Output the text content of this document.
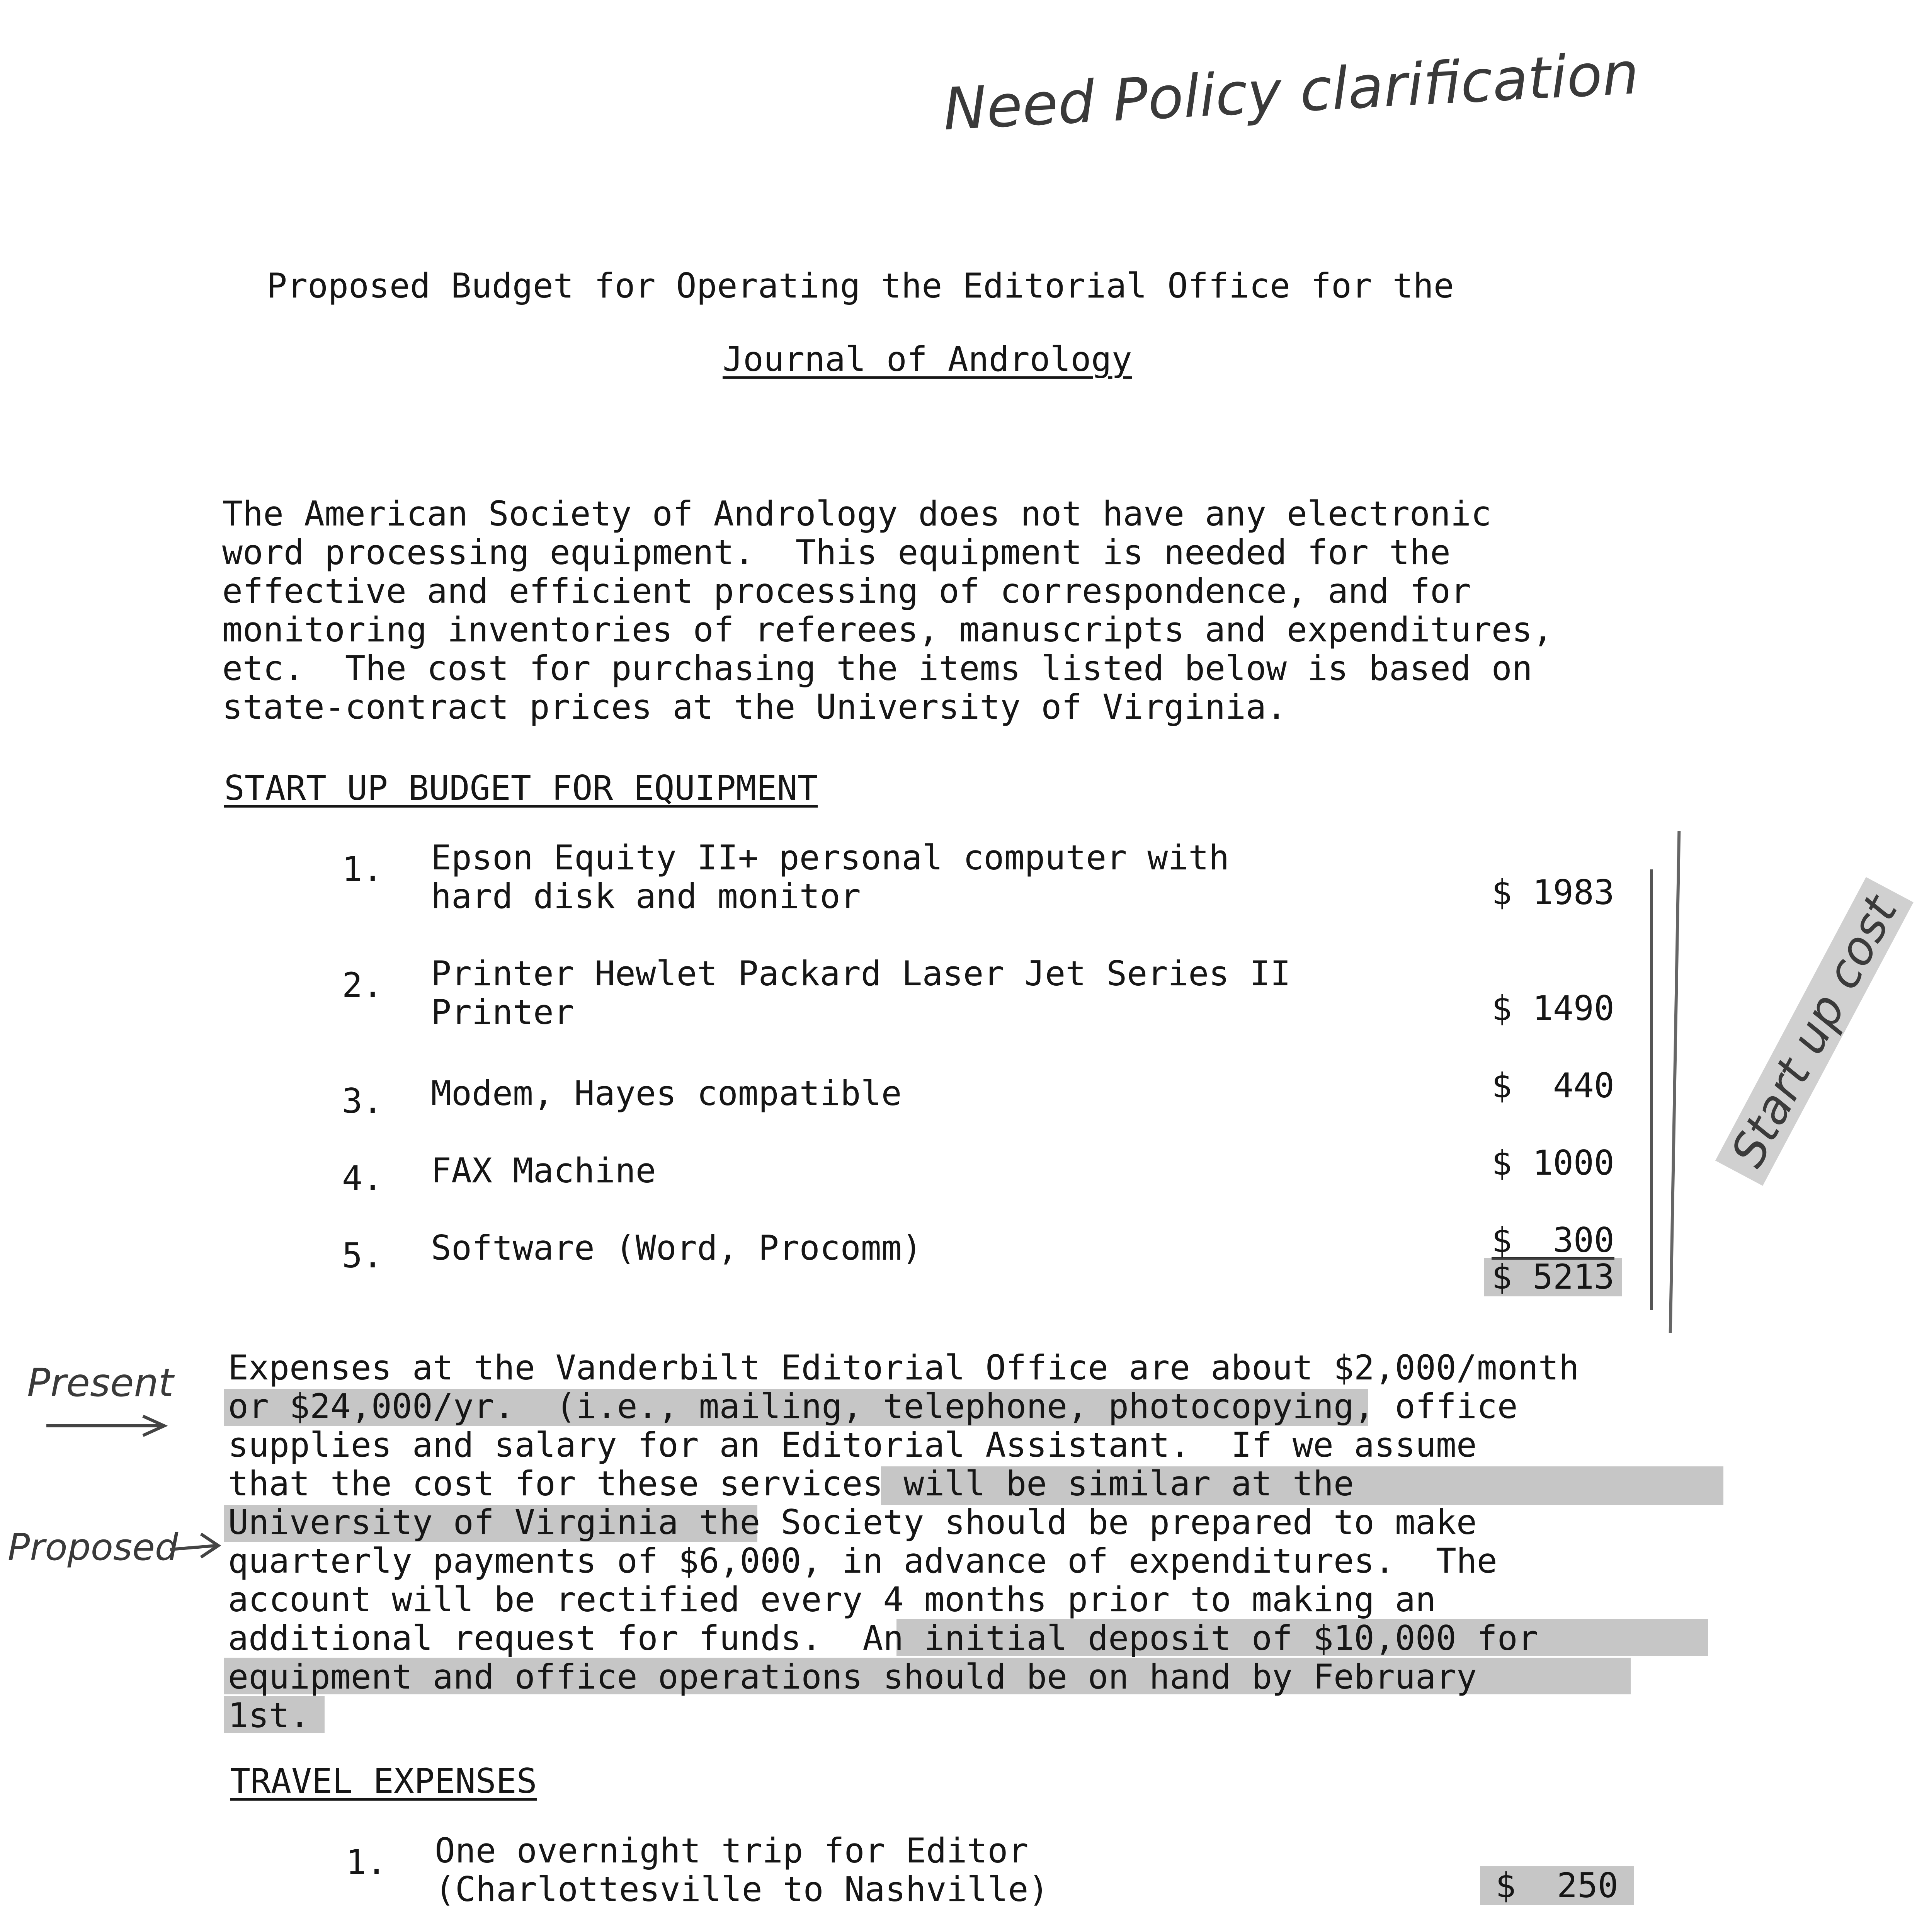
Need Policy clarification
Proposed Budget for Operating the Editorial Office for the
Journal of Andrology
The American Society of Andrology does not have any electronic
word processing equipment.  This equipment is needed for the
effective and efficient processing of correspondence, and for
monitoring inventories of referees, manuscripts and expenditures,
etc.  The cost for purchasing the items listed below is based on
state-contract prices at the University of Virginia.
START UP BUDGET FOR EQUIPMENT
1. Epson Equity II+ personal computer with
hard disk and monitor	$ 1983
2. Printer Hewlet Packard Laser Jet Series II
Printer	$ 1490
3. Modem, Hayes compatible	$  440
4. FAX Machine	$ 1000
5. Software (Word, Procomm)	$  300
$ 5213
Start up cost
Present
Proposed
Expenses at the Vanderbilt Editorial Office are about $2,000/month
or $24,000/yr.  (i.e., mailing, telephone, photocopying, office
supplies and salary for an Editorial Assistant.  If we assume
that the cost for these services will be similar at the
University of Virginia the Society should be prepared to make
quarterly payments of $6,000, in advance of expenditures.  The
account will be rectified every 4 months prior to making an
additional request for funds.  An initial deposit of $10,000 for
equipment and office operations should be on hand by February
1st.
TRAVEL EXPENSES
1. One overnight trip for Editor
(Charlottesville to Nashville)	$  250
